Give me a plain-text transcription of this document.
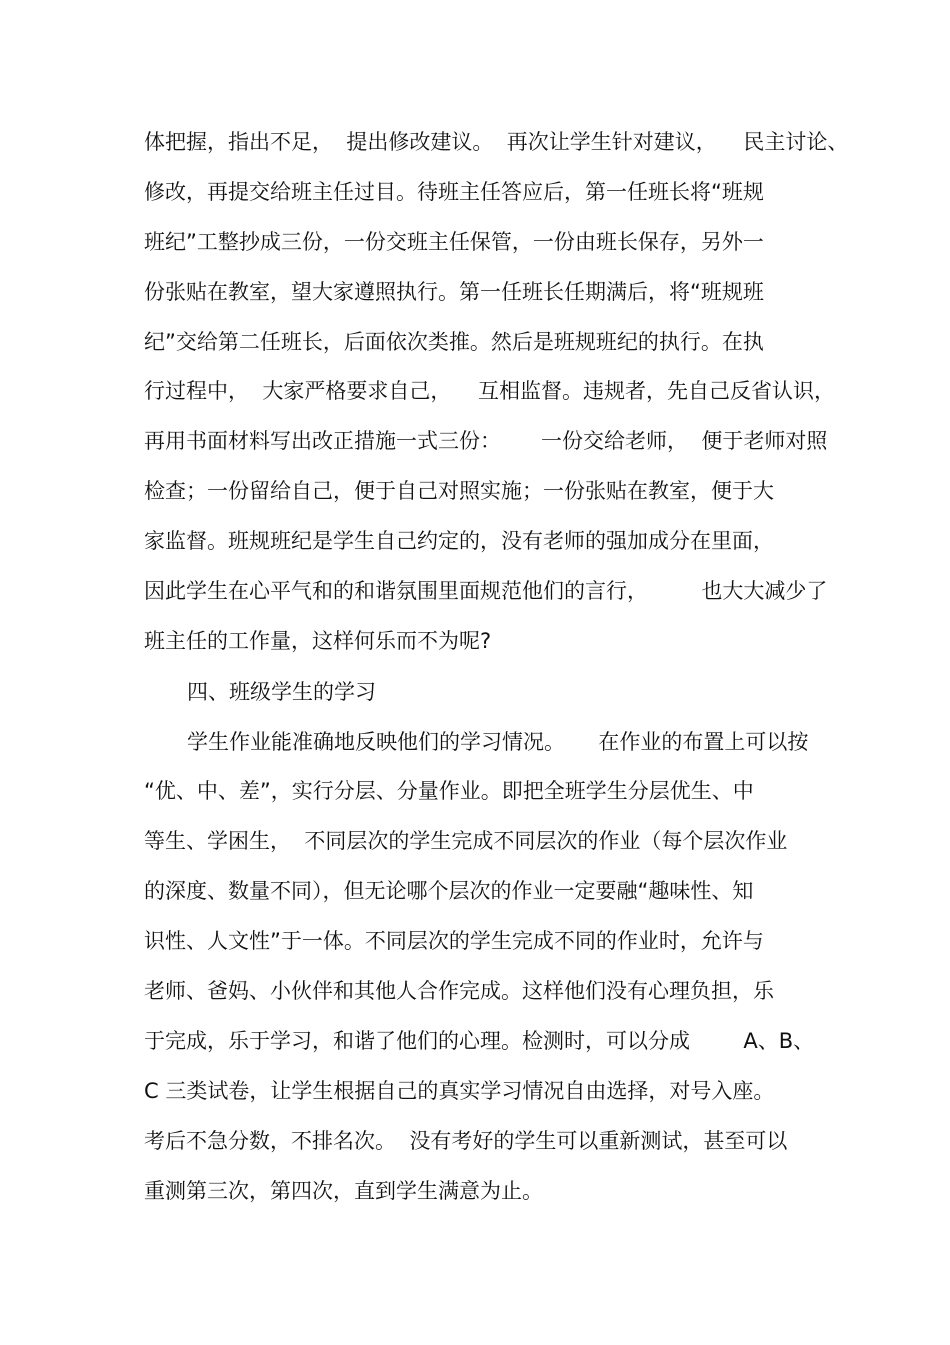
体把握，指出不足，  提出修改建议。  再次让学生针对建议，    民主讨论、
修改，再提交给班主任过目。待班主任答应后，第一任班长将“班规
班纪”工整抄成三份，一份交班主任保管，一份由班长保存，另外一
份张贴在教室，望大家遵照执行。第一任班长任期满后，将“班规班
纪”交给第二任班长，后面依次类推。然后是班规班纪的执行。在执
行过程中，  大家严格要求自己，    互相监督。违规者，先自己反省认识，
再用书面材料写出改正措施一式三份：      一份交给老师，  便于老师对照
检查；一份留给自己，便于自己对照实施；一份张贴在教室，便于大
家监督。班规班纪是学生自己约定的，没有老师的强加成分在里面，
因此学生在心平气和的和谐氛围里面规范他们的言行，        也大大减少了
班主任的工作量，这样何乐而不为呢?
四、班级学生的学习
学生作业能准确地反映他们的学习情况。     在作业的布置上可以按
“优、中、差”，实行分层、分量作业。即把全班学生分层优生、中
等生、学困生，  不同层次的学生完成不同层次的作业（每个层次作业
的深度、数量不同），但无论哪个层次的作业一定要融“趣味性、知
识性、人文性”于一体。不同层次的学生完成不同的作业时，允许与
老师、爸妈、小伙伴和其他人合作完成。这样他们没有心理负担，乐
于完成，乐于学习，和谐了他们的心理。检测时，可以分成        A、B、
C 三类试卷，让学生根据自己的真实学习情况自由选择，对号入座。
考后不急分数，不排名次。  没有考好的学生可以重新测试，甚至可以
重测第三次，第四次，直到学生满意为止。
